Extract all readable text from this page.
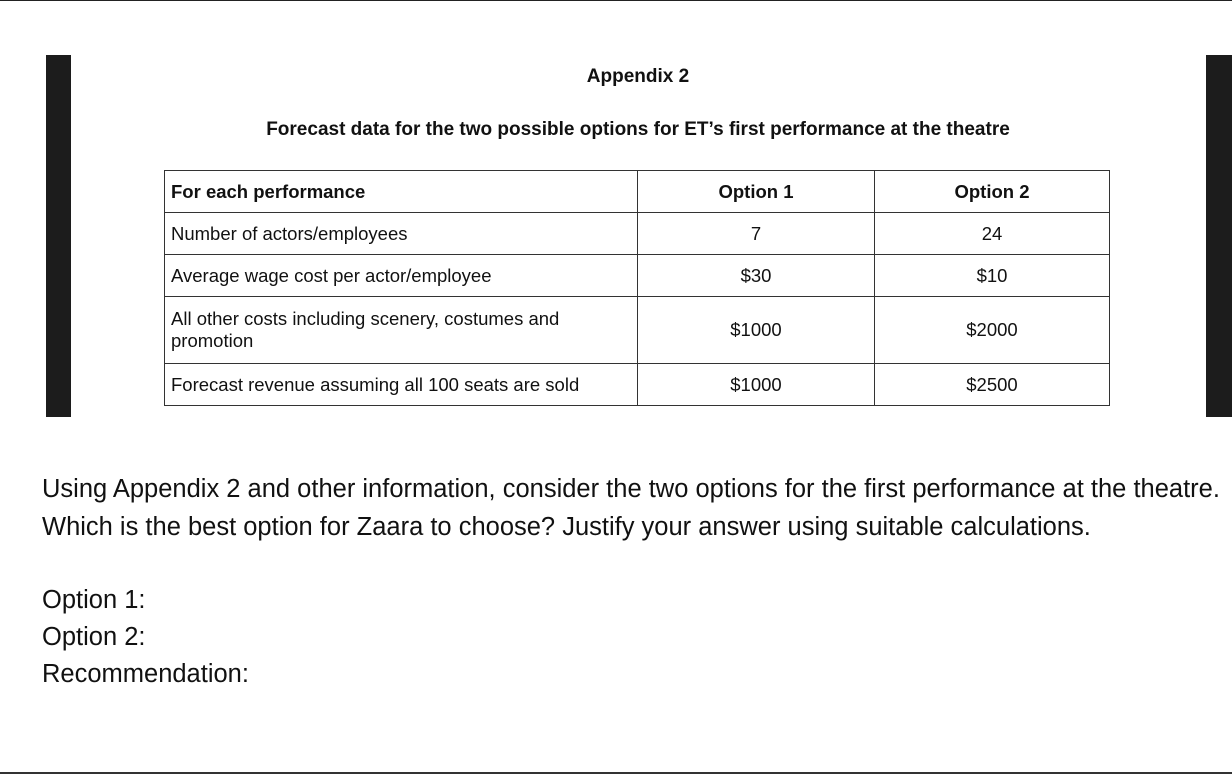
Appendix 2
Forecast data for the two possible options for ET’s first performance at the theatre
For each performance	Option 1	Option 2
Number of actors/employees	7	24
Average wage cost per actor/employee	$30	$10
All other costs including scenery, costumes and promotion	$1000	$2000
Forecast revenue assuming all 100 seats are sold	$1000	$2500
Using Appendix 2 and other information, consider the two options for the first performance at the theatre. Which is the best option for Zaara to choose? Justify your answer using suitable calculations.
Option 1:
Option 2:
Recommendation:
